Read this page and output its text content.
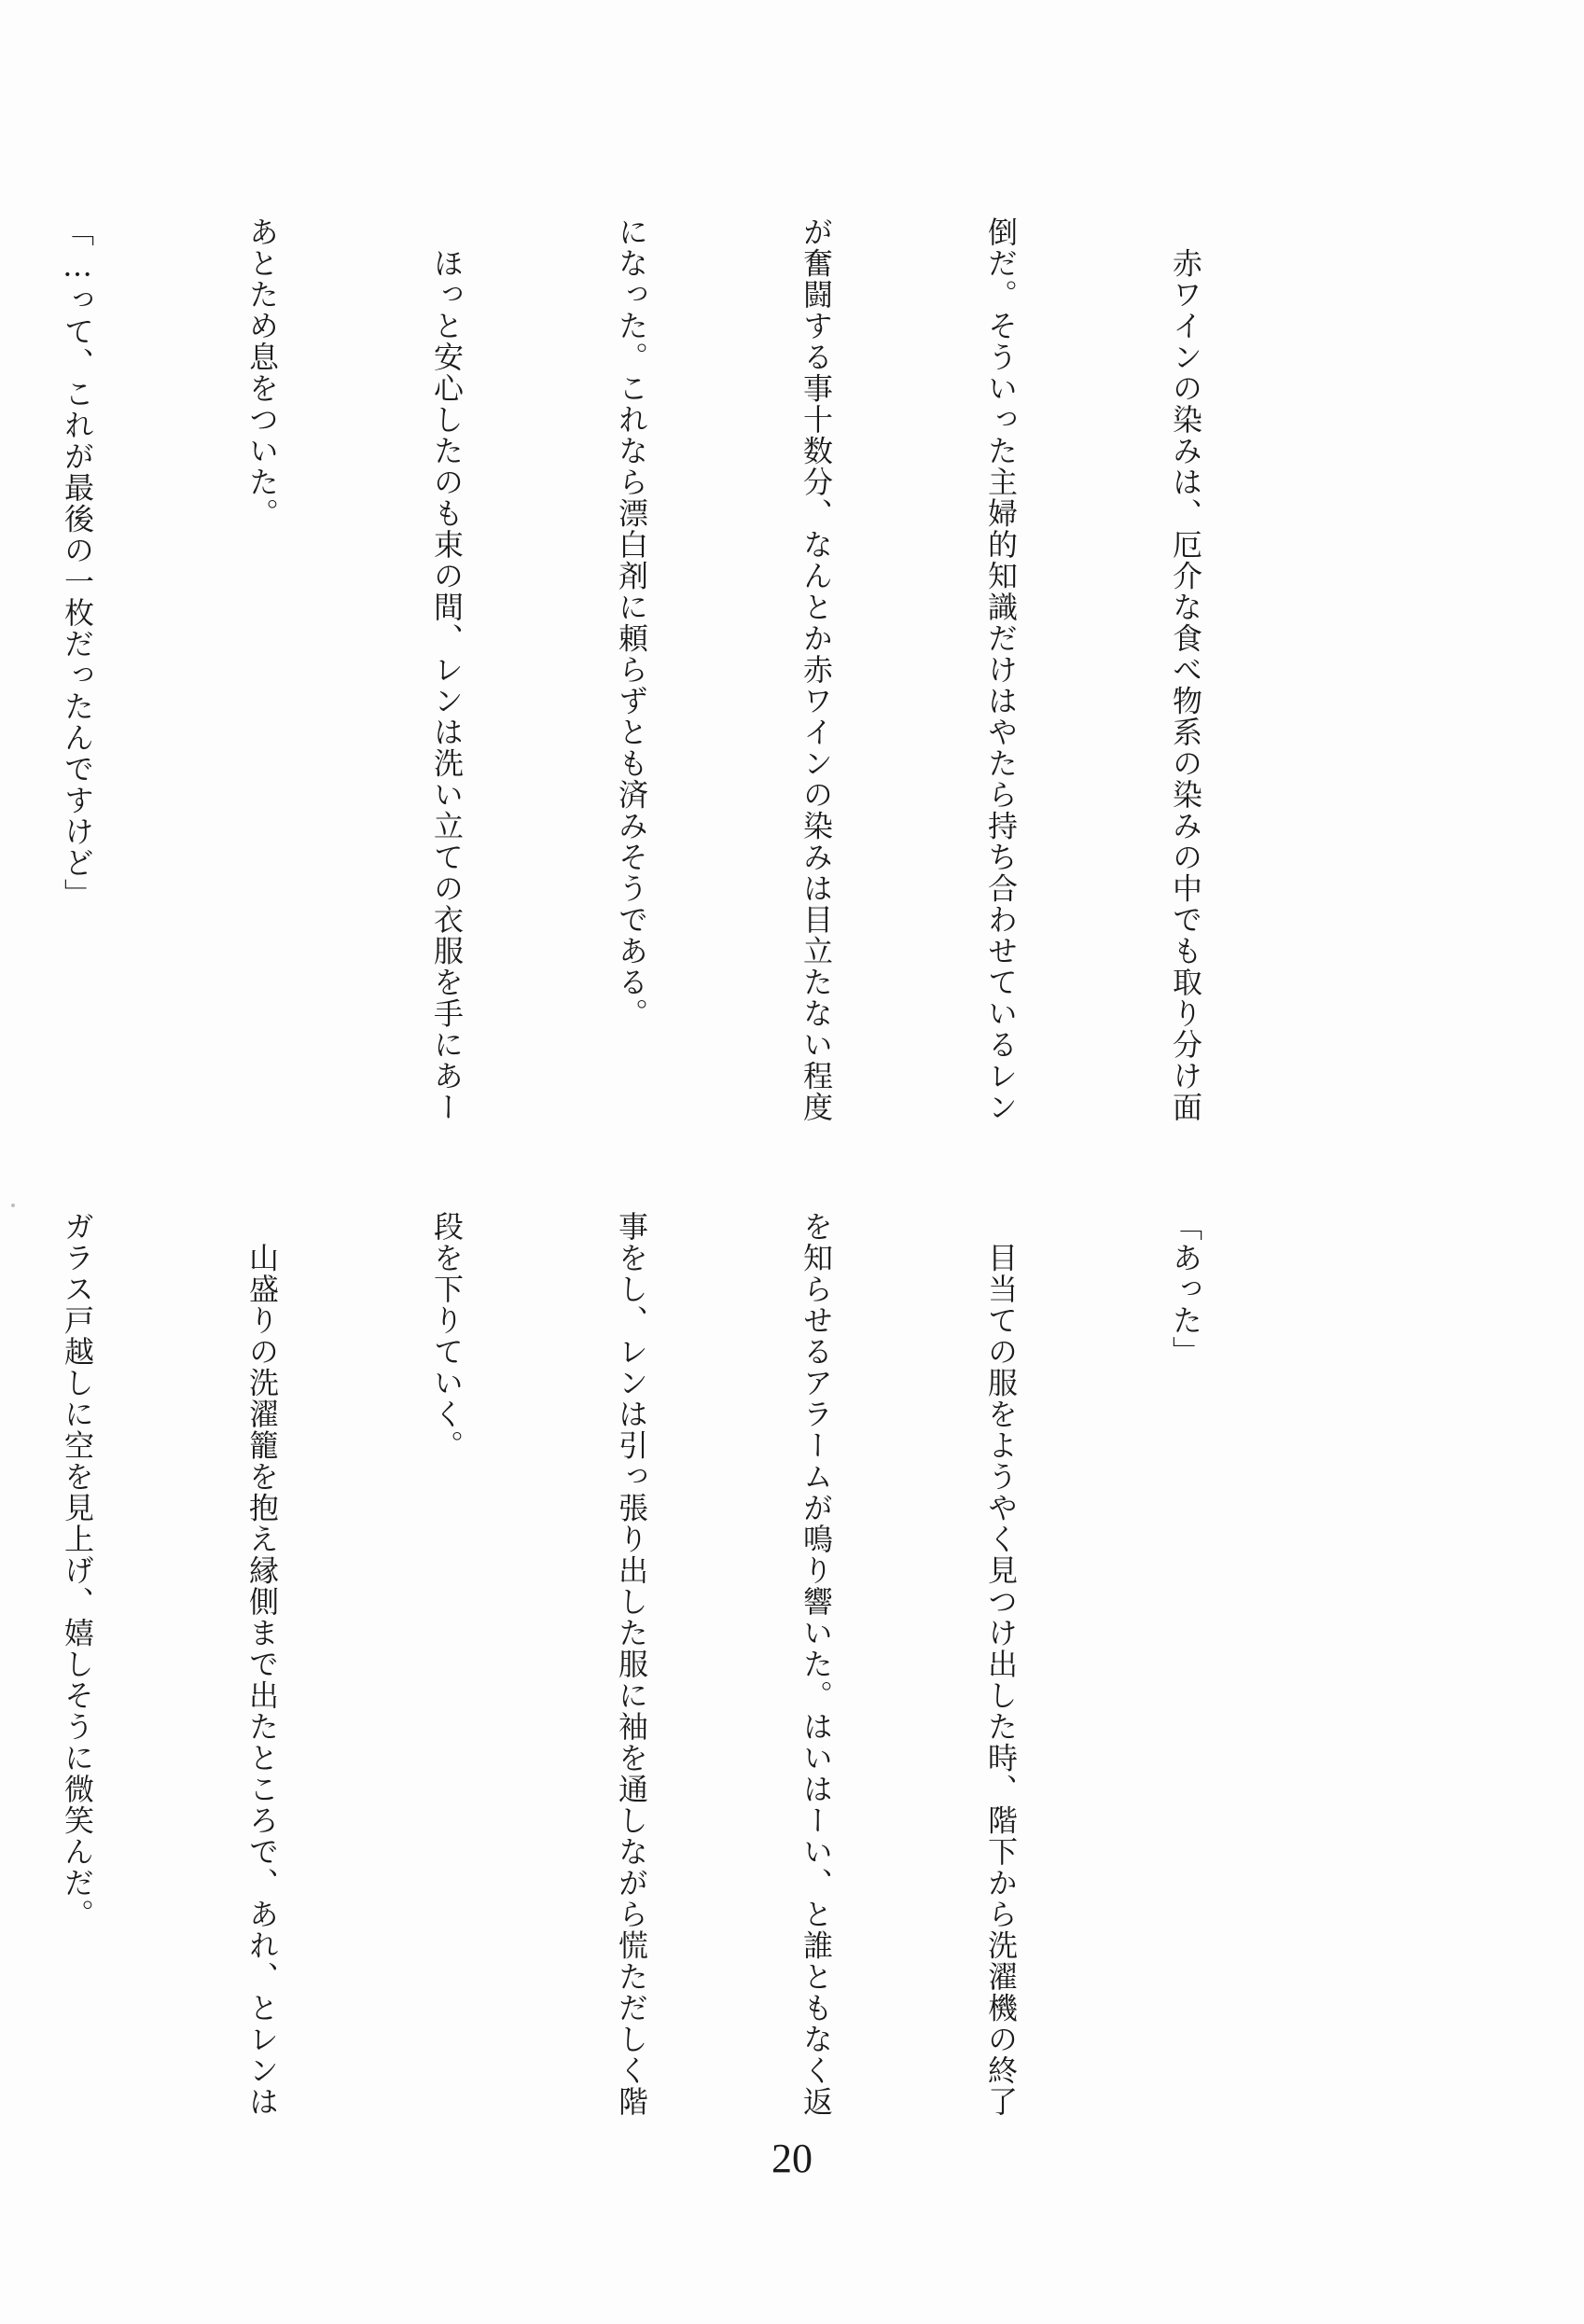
　赤ワインの染みは、厄介な食べ物系の染みの中でも取り分け面

倒だ。そういった主婦的知識だけはやたら持ち合わせているレン

が奮闘する事十数分、なんとか赤ワインの染みは目立たない程度

になった。これなら漂白剤に頼らずとも済みそうである。

　ほっと安心したのも束の間、レンは洗い立ての衣服を手にあー

あとため息をついた。

「…って、これが最後の一枚だったんですけど」

「あった」

　目当ての服をようやく見つけ出した時、階下から洗濯機の終了

を知らせるアラームが鳴り響いた。はいはーい、と誰ともなく返

事をし、レンは引っ張り出した服に袖を通しながら慌ただしく階

段を下りていく。

　山盛りの洗濯籠を抱え縁側まで出たところで、あれ、とレンは

ガラス戸越しに空を見上げ、嬉しそうに微笑んだ。

20
